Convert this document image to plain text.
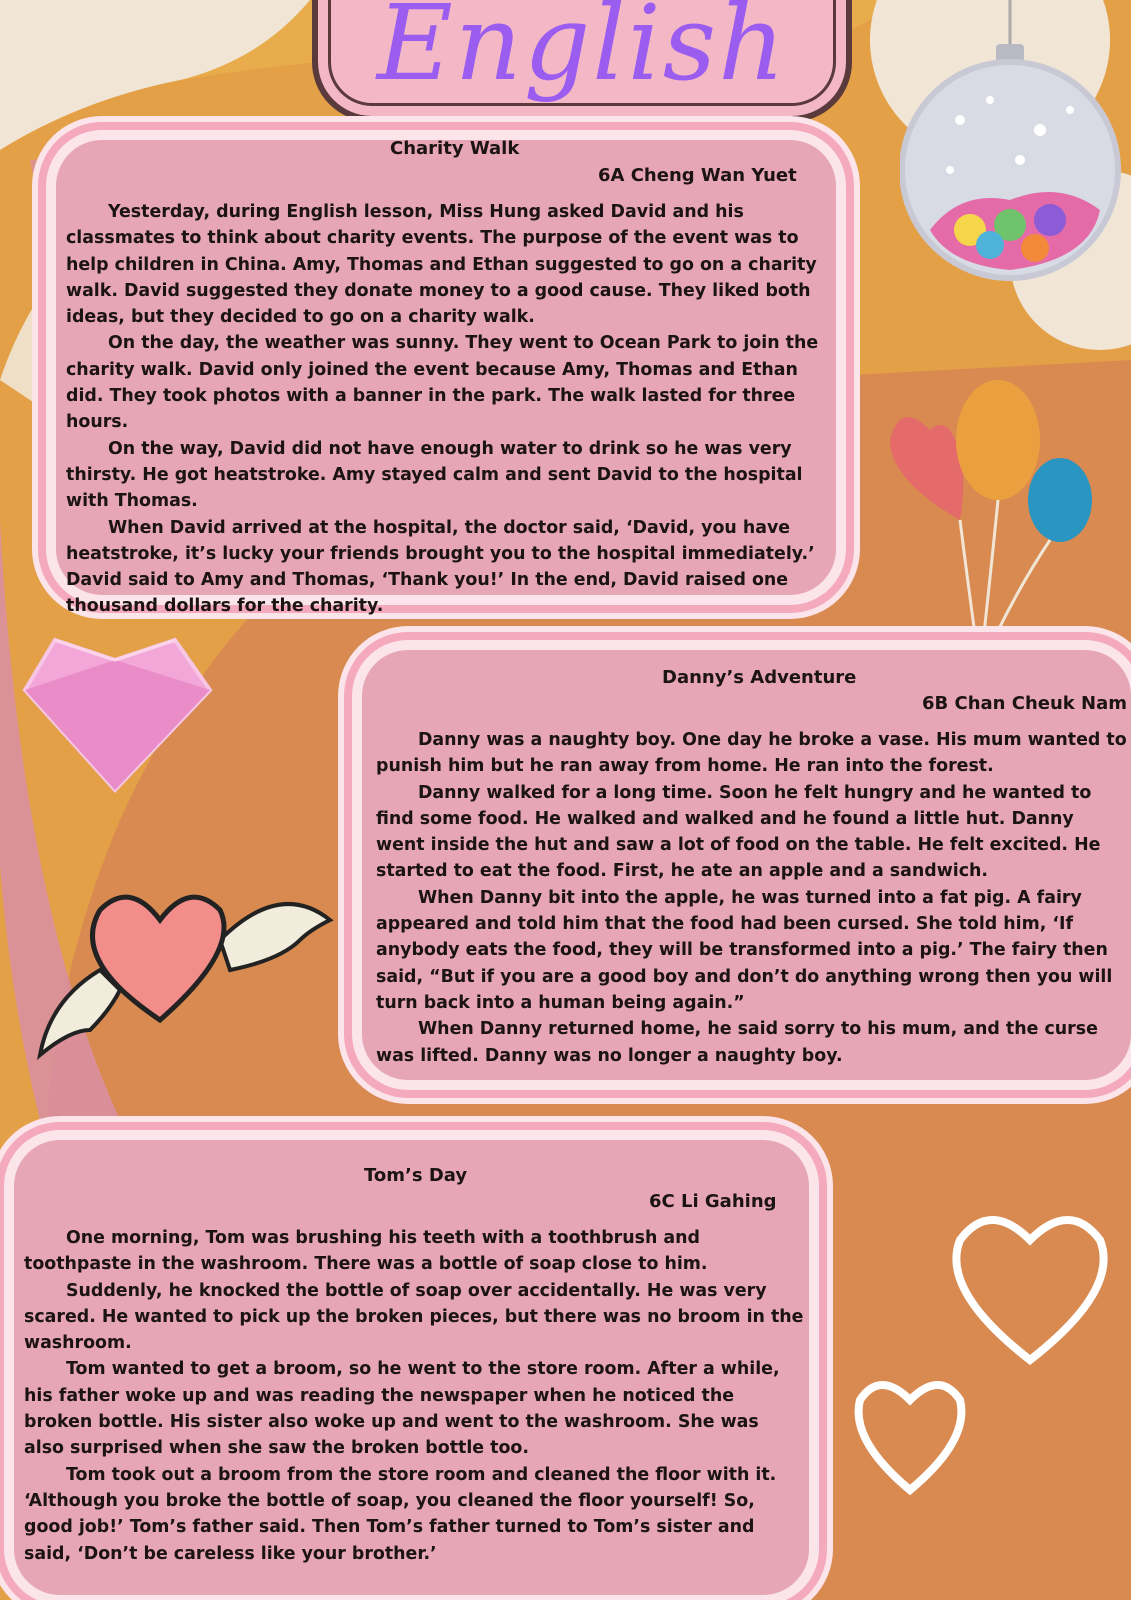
English
Charity Walk
6A Cheng Wan Yuet

Yesterday, during English lesson, Miss Hung asked David and his classmates to think about charity events. The purpose of the event was to help children in China. Amy, Thomas and Ethan suggested to go on a charity walk. David suggested they donate money to a good cause. They liked both ideas, but they decided to go on a charity walk.

On the day, the weather was sunny. They went to Ocean Park to join the charity walk. David only joined the event because Amy, Thomas and Ethan did. They took photos with a banner in the park. The walk lasted for three hours.

On the way, David did not have enough water to drink so he was very thirsty. He got heatstroke. Amy stayed calm and sent David to the hospital with Thomas.

When David arrived at the hospital, the doctor said, ‘David, you have heatstroke, it’s lucky your friends brought you to the hospital immediately.’ David said to Amy and Thomas, ‘Thank you!’ In the end, David raised one thousand dollars for the charity.

Danny’s Adventure
6B Chan Cheuk Nam

Danny was a naughty boy. One day he broke a vase. His mum wanted to punish him but he ran away from home. He ran into the forest.

Danny walked for a long time. Soon he felt hungry and he wanted to find some food. He walked and walked and he found a little hut. Danny went inside the hut and saw a lot of food on the table. He felt excited. He started to eat the food. First, he ate an apple and a sandwich.

When Danny bit into the apple, he was turned into a fat pig. A fairy appeared and told him that the food had been cursed. She told him, ‘If anybody eats the food, they will be transformed into a pig.’ The fairy then said, “But if you are a good boy and don’t do anything wrong then you will turn back into a human being again.”

When Danny returned home, he said sorry to his mum, and the curse was lifted. Danny was no longer a naughty boy.

Tom’s Day
6C Li Gahing

One morning, Tom was brushing his teeth with a toothbrush and toothpaste in the washroom. There was a bottle of soap close to him.

Suddenly, he knocked the bottle of soap over accidentally. He was very scared. He wanted to pick up the broken pieces, but there was no broom in the washroom.

Tom wanted to get a broom, so he went to the store room. After a while, his father woke up and was reading the newspaper when he noticed the broken bottle. His sister also woke up and went to the washroom. She was also surprised when she saw the broken bottle too.

Tom took out a broom from the store room and cleaned the floor with it. ‘Although you broke the bottle of soap, you cleaned the floor yourself! So, good job!’ Tom’s father said. Then Tom’s father turned to Tom’s sister and said, ‘Don’t be careless like your brother.’
